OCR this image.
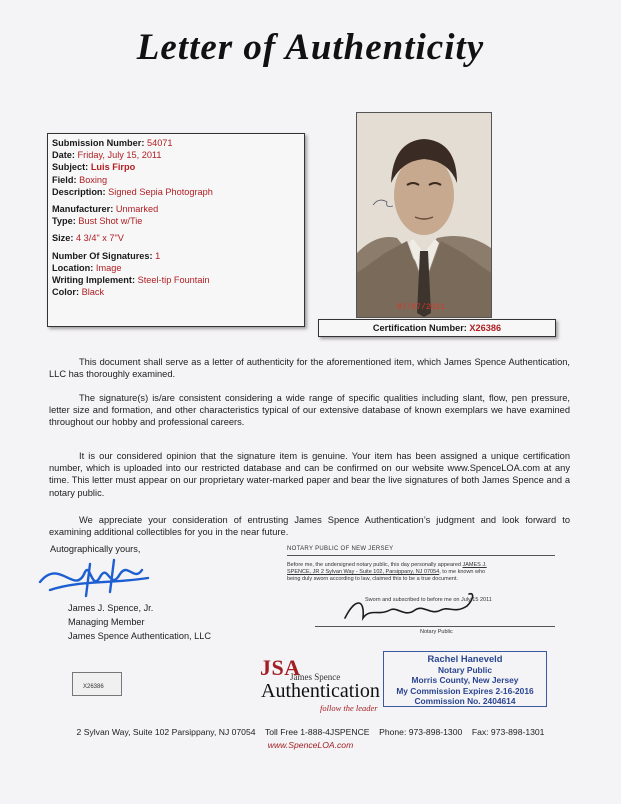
Letter of Authenticity
Submission Number: 54071
Date: Friday, July 15, 2011
Subject: Luis Firpo
Field: Boxing
Description: Signed Sepia Photograph
Manufacturer: Unmarked
Type: Bust Shot w/Tie
Size: 4 3/4" x 7"V
Number Of Signatures: 1
Location: Image
Writing Implement: Steel-tip Fountain
Color: Black
07/07/2011
Certification Number: X26386
This document shall serve as a letter of authenticity for the aforementioned item, which James Spence Authentication, LLC has thoroughly examined.
The signature(s) is/are consistent considering a wide range of specific qualities including slant, flow, pen pressure, letter size and formation, and other characteristics typical of our extensive database of known exemplars we have examined throughout our hobby and professional careers.
It is our considered opinion that the signature item is genuine. Your item has been assigned a unique certification number, which is uploaded into our restricted database and can be confirmed on our website www.SpenceLOA.com at any time. This letter must appear on our proprietary water-marked paper and bear the live signatures of both James Spence and a notary public.
We appreciate your consideration of entrusting James Spence Authentication’s judgment and look forward to examining additional collectibles for you in the near future.
Autographically yours,
James J. Spence, Jr.
Managing Member
James Spence Authentication, LLC
NOTARY PUBLIC OF NEW JERSEY
Before me, the undersigned notary public, this day personally appeared JAMES J.
SPENCE, JR 2 Sylvan Way - Suite 102, Parsippany, NJ 07054, to me known who
being duly sworn according to law, claimed this to be a true document.
Sworn and subscribed to before me on July 15 2011
Notary Public
JSA
James Spence
Authentication
follow the leader
X26386
Rachel Haneveld
Notary Public
Morris County, New Jersey
My Commission Expires 2-16-2016
Commission No. 2404614
2 Sylvan Way, Suite 102 Parsippany, NJ 07054 Toll Free 1-888-4JSPENCE Phone: 973-898-1300 Fax: 973-898-1301
www.SpenceLOA.com
